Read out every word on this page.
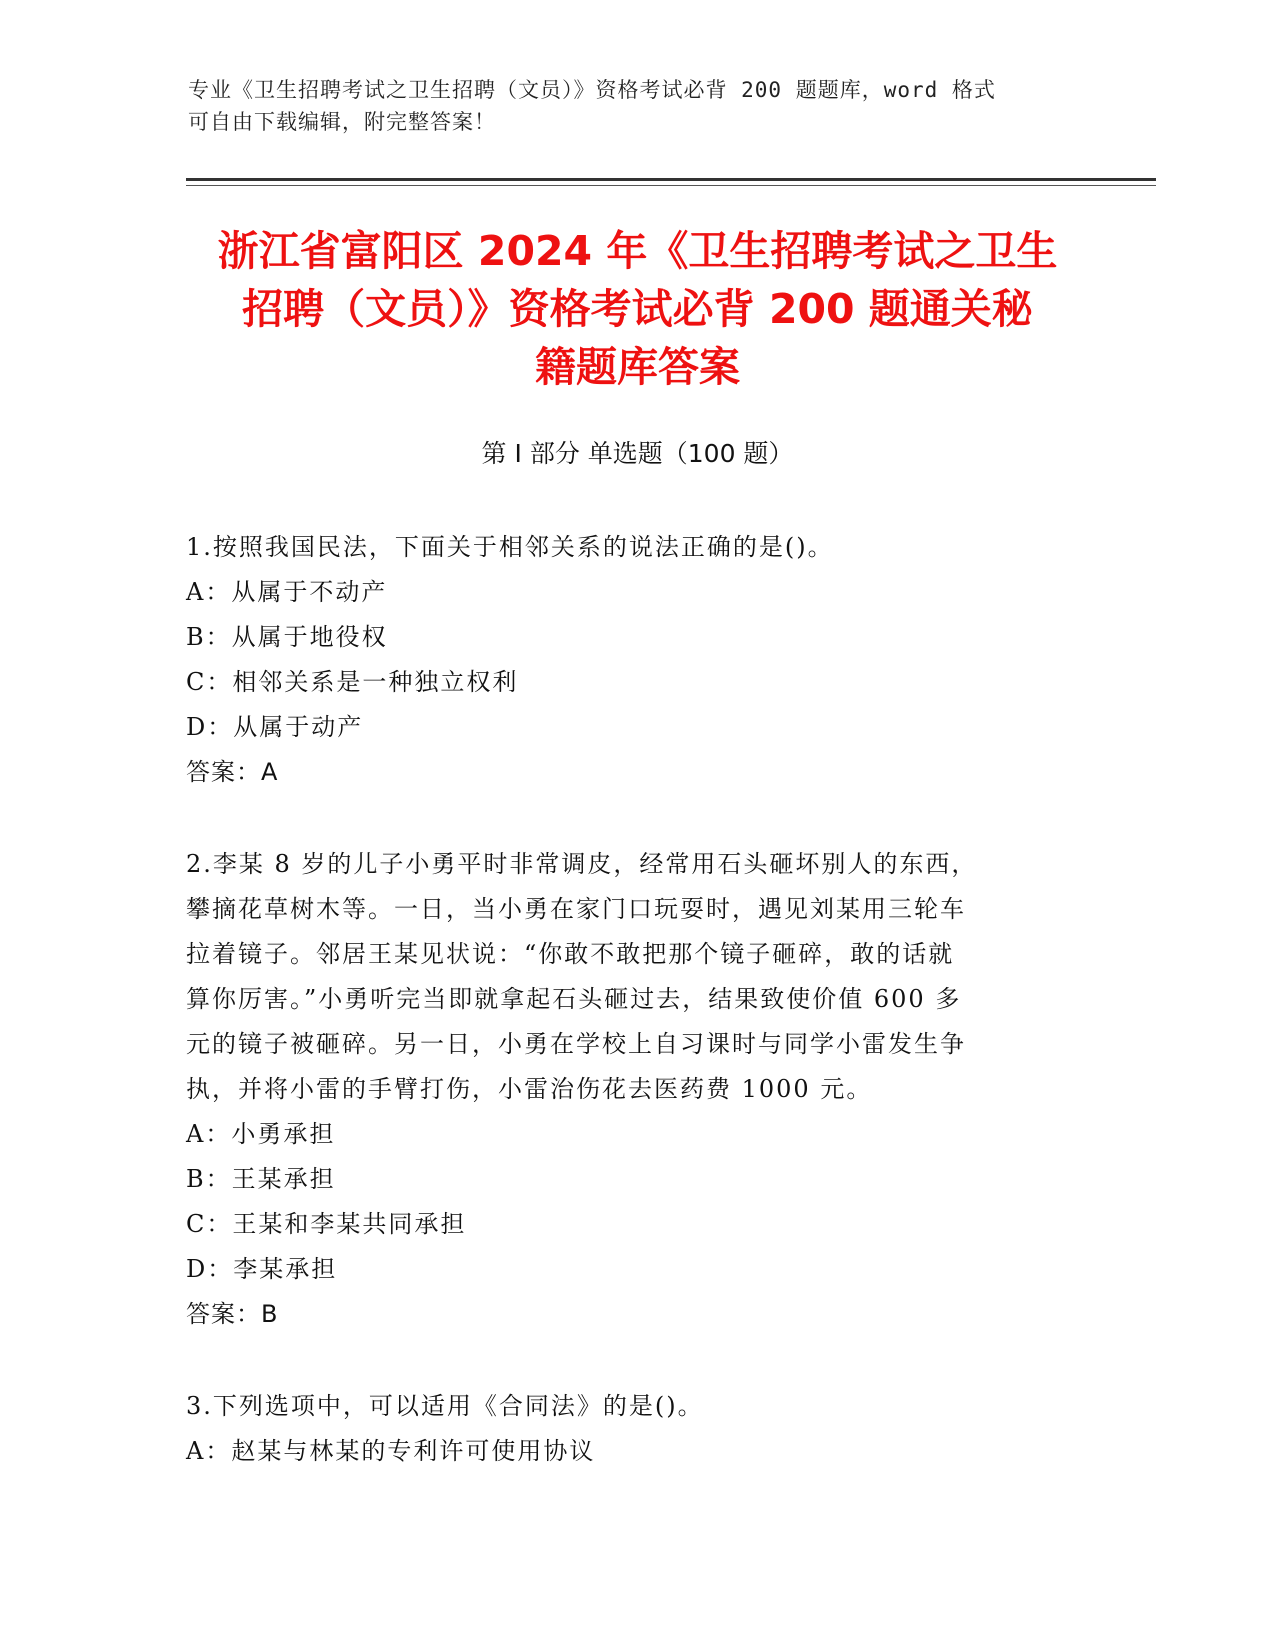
专业《卫生招聘考试之卫生招聘（文员）》资格考试必背 200 题题库，word 格式
可自由下载编辑，附完整答案！
浙江省富阳区 2024 年《卫生招聘考试之卫生
招聘（文员）》资格考试必背 200 题通关秘
籍题库答案
第 I 部分 单选题（100 题）
1.按照我国民法，下面关于相邻关系的说法正确的是()。
A：从属于不动产
B：从属于地役权
C：相邻关系是一种独立权利
D：从属于动产
答案：A
2.李某 8 岁的儿子小勇平时非常调皮，经常用石头砸坏别人的东西，
攀摘花草树木等。一日，当小勇在家门口玩耍时，遇见刘某用三轮车
拉着镜子。邻居王某见状说：“你敢不敢把那个镜子砸碎，敢的话就
算你厉害。”小勇听完当即就拿起石头砸过去，结果致使价值 600 多
元的镜子被砸碎。另一日，小勇在学校上自习课时与同学小雷发生争
执，并将小雷的手臂打伤，小雷治伤花去医药费 1000 元。
A：小勇承担
B：王某承担
C：王某和李某共同承担
D：李某承担
答案：B
3.下列选项中，可以适用《合同法》的是()。
A：赵某与林某的专利许可使用协议
